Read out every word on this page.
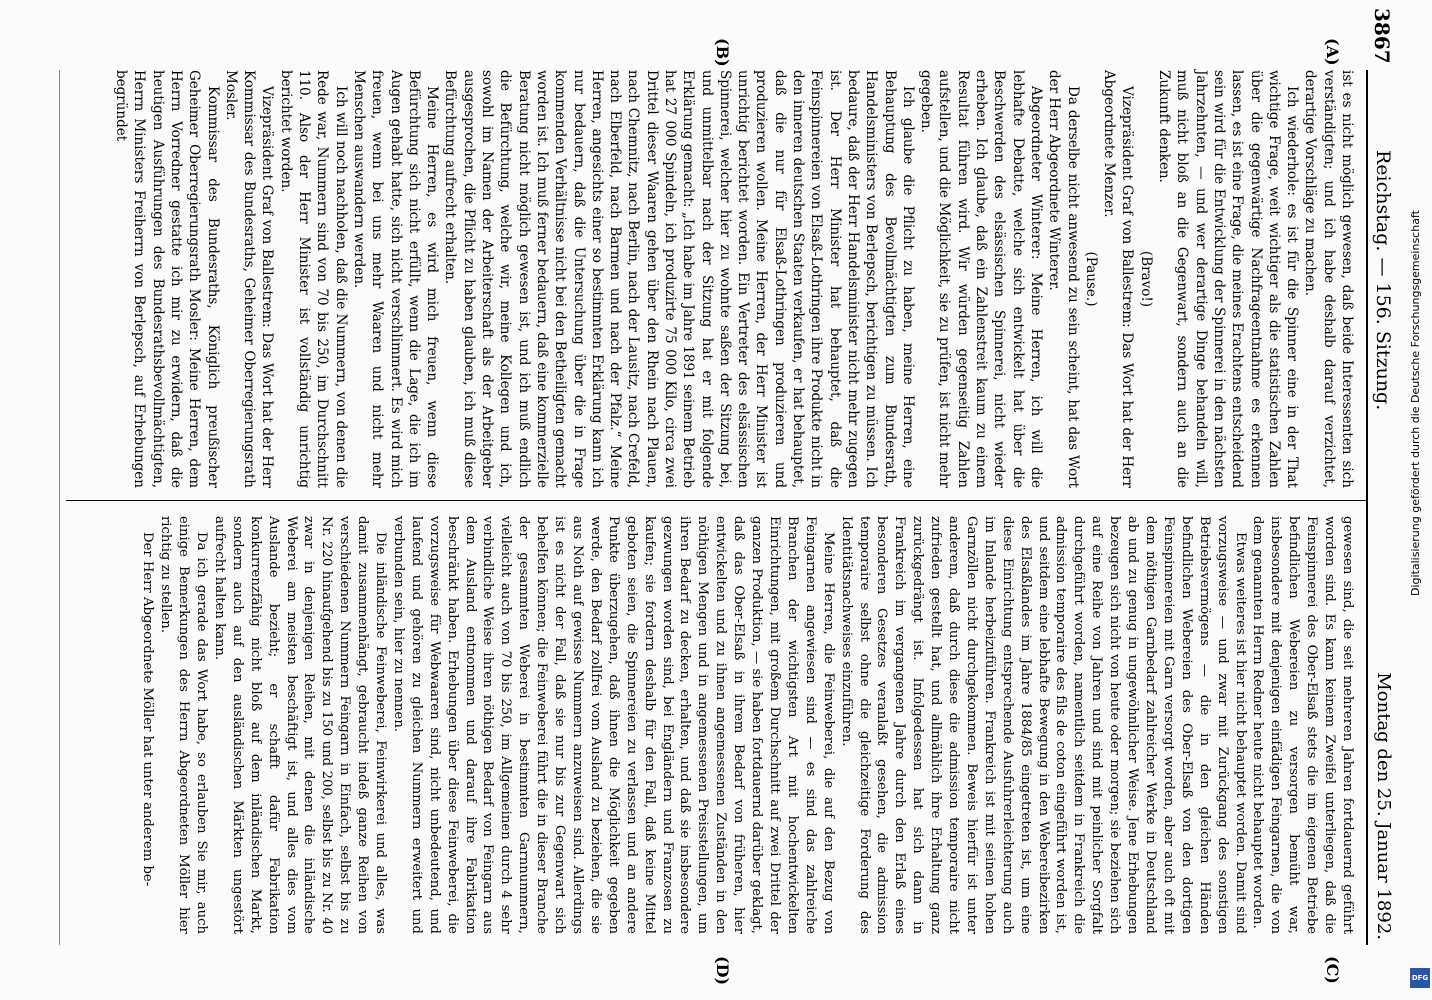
3867
Reichstag. — 156. Sitzung.
Montag den 25. Januar 1892.
(A)
(B)
(C)
(D)

ist es nicht möglich gewesen, daß beide Interessenten sich verständigten; und ich habe deshalb darauf verzichtet, derartige Vorschläge zu machen.

Ich wiederhole: es ist für die Spinner eine in der That wichtige Frage, weit wichtiger als die statistischen Zahlen über die gegenwärtige Nachfrageentnahme es erkennen lassen, es ist eine Frage, die meines Erachtens entscheidend sein wird für die Entwicklung der Spinnerei in den nächsten Jahrzehnten, — und wer derartige Dinge behandeln will, muß nicht bloß an die Gegenwart, sondern auch an die Zukunft denken.

(Bravo!)

Vizepräsident Graf von Ballestrem: Das Wort hat der Herr Abgeordnete Menzer.

(Pause.)

Da derselbe nicht anwesend zu sein scheint, hat das Wort der Herr Abgeordnete Winterer.

Abgeordneter Winterer: Meine Herren, ich will die lebhafte Debatte, welche sich entwickelt hat über die Beschwerden des elsässischen Spinnerei, nicht wieder erheben. Ich glaube, daß ein Zahlenstreit kaum zu einem Resultat führen wird. Wir würden gegenseitig Zahlen aufstellen, und die Möglichkeit, sie zu prüfen, ist nicht mehr gegeben.

Ich glaube die Pflicht zu haben, meine Herren, eine Behauptung des Bevollmächtigten zum Bundesrath, Handelsministers von Berlepsch, berichtigen zu müssen. Ich bedaure, daß der Herr Handelsminister nicht mehr zugegen ist. Der Herr Minister hat behauptet, daß die Feinspinnereien von Elsaß-Lothringen ihre Produkte nicht in den inneren deutschen Staaten verkaufen, er hat behauptet, daß die nur für Elsaß-Lothringen produzieren und produzieren wollen. Meine Herren, der Herr Minister ist unrichtig berichtet worden. Ein Vertreter des elsässischen Spinnerei, welcher hier zu wohnte saßen der Sitzung bei, und unmittelbar nach der Sitzung hat er mit folgende Erklärung gemacht: „Ich habe im Jahre 1891 seinem Betrieb hat 27 000 Spindeln, ich produzirte 75 000 Kilo, circa zwei Drittel dieser Waaren gehen über den Rhein nach Plauen, nach Chemnitz, nach Berlin, nach der Lausitz, nach Crefeld, nach Elberfeld, nach Barmen und nach der Pfalz.“ Meine Herren, angesichts einer so bestimmten Erklärung kann ich nur bedauern, daß die Untersuchung über die in Frage kommenden Verhältnisse nicht bei den Betheiligten gemacht worden ist. Ich muß ferner bedauern, daß eine kommerzielle Beratung nicht möglich gewesen ist, und ich muß endlich die Befürchtung, welche wir, meine Kollegen und ich, sowohl im Namen der Arbeiterschaft als der Arbeitgeber ausgesprochen, die Pflicht zu haben glauben, ich muß diese Befürchtung aufrecht erhalten.

Meine Herren, es wird mich freuen, wenn diese Befürchtung sich nicht erfüllt, wenn die Lage, die ich im Augen gehabt hatte, sich nicht verschlimmert. Es wird mich freuen, wenn bei uns mehr Waaren und nicht mehr Menschen auswandern werden.

Ich will noch nachholen, daß die Nummern, von denen die Rede war, Nummern sind von 70 bis 250, im Durchschnitt 110. Also der Herr Minister ist vollständig unrichtig berichtet worden.

Vizepräsident Graf von Ballestrem: Das Wort hat der Herr Kommissar des Bundesraths, Geheimer Oberregierungsrath Mosler.

Kommissar des Bundesraths, Königlich preußischer Geheimer Oberregierungsrath Mosler: Meine Herren, dem Herrn Vorredner gestatte ich mir zu erwidern, daß die heutigen Ausführungen des Bundesrathsbevollmächtigten, Herrn Ministers Freiherrn von Berlepsch, auf Erhebungen begründet

gewesen sind, die seit mehreren Jahren fortdauernd geführt worden sind. Es kann keinem Zweifel unterliegen, daß die Feinspinnerei des Ober-Elsaß stets die im eigenen Betriebe befindlichen Webereien zu versorgen bemüht war, insbesondere mit denjenigen einfädigen Feingarnen, die von dem genannten Herrn Redner heute nicht behauptet worden.

Etwas weiteres ist hier nicht behauptet worden. Damit sind vorzugsweise — und zwar mit Zurückgang des sonstigen Betriebsvermögens — die in den gleichen Händen befindlichen Webereien des Ober-Elsaß von den dortigen Feinspinnereien mit Garn versorgt worden, aber auch oft mit dem nöthigen Garnbedarf zahlreicher Werke in Deutschland ab und zu genug in ungewöhnlicher Weise. Jene Erhebungen bezeugen sich nicht von heute oder morgen; sie beziehen sich auf eine Reihe von Jahren und sind mit peinlicher Sorgfalt durchgeführt worden, namentlich seitdem in Frankreich die admission temporaire des fils de coton eingeführt worden ist, und seitdem eine lebhafte Bewegung in den Webereibezirken des Elsaßlandes im Jahre 1884/85 eingetreten ist, um eine diese Einrichtung entsprechende Ausfuhrerleichterung auch im Inlande herbeizuführen. Frankreich ist mit seinen hohen Garnzöllen nicht durchgekommen. Beweis hierfür ist unter anderem, daß durch diese die admission temporaire nicht zufrieden gestellt hat, und allmählich ihre Erhaltung ganz zurückgedrängt ist. Infolgedessen hat sich dann in Frankreich im vergangenen Jahre durch den Erlaß eines besonderen Gesetzes veranlaßt gesehen, die admission temporaire selbst ohne die gleichzeitige Forderung des Identitätsnachweises einzuführen.

Meine Herren, die Feinweberei, die auf den Bezug von Feingarnen angewiesen sind — es sind das zahlreiche Branchen der wichtigsten Art mit hochentwickelten Einrichtungen, mit großem Durchschnitt auf zwei Drittel der ganzen Produktion, — sie haben fortdauernd darüber geklagt, daß das Ober-Elsaß in ihrem Bedarf von früheren, hier entwickelten und zu ihnen angemessenen Zuständen in den nöthigen Mengen und in angemessenen Preisstellungen, um ihren Bedarf zu decken, erhalten, und daß sie insbesondere gezwungen worden sind, bei Engländern und Franzosen zu kaufen; sie fordern deshalb für den Fall, daß keine Mittel geboten seien, die Spinnereien zu verlassen und an andere Punkte überzugehen, daß ihnen die Möglichkeit gegeben werde, den Bedarf zollfrei vom Ausland zu beziehen, die sie aus Noth auf gewisse Nummern anzuweisen sind. Allerdings ist es nicht der Fall, daß sie nur bis zur Gegenwart sich behelfen können; die Feinweberei führt die in dieser Branche der gesammten Weberei in bestimmten Garnnummern, vielleicht auch von 70 bis 250, im Allgemeinen durch 4 sehr verbindliche Weise ihren nöthigen Bedarf von Feingarn aus dem Ausland entnommen und darauf ihre Fabrikation beschränkt haben. Erhebungen über diese Feinweberei, die vorzugsweise für Webwaaren sind, nicht unbedeutend, und laufend und gehören zu gleichen Nummern erweitert und verbunden sein, hier zu nennen.

Die inländische Feinweberei, Feinwirkerei und alles, was damit zusammenhängt, gebraucht indeß ganze Reihen von verschiedenen Nummern Feingarn in Einfach, selbst bis zu Nr. 220 hinaufgehend bis zu 150 und 200, selbst bis zu Nr. 40 zwar in denjenigen Reihen, mit denen die inländische Weberei am meisten beschäftigt ist, und alles dies vom Auslande bezieht; er schafft dafür Fabrikation konkurrenzfähig nicht bloß auf dem inländischen Markt, sondern auch auf den ausländischen Märkten ungestört aufrecht halten kann.

Da ich gerade das Wort habe, so erlauben Sie mir, auch einige Bemerkungen des Herrn Abgeordneten Möller hier richtig zu stellen.

Der Herr Abgeordnete Möller hat unter anderem be-

Digitalisierung gefördert durch die Deutsche Forschungsgemeinschaft
DFG
